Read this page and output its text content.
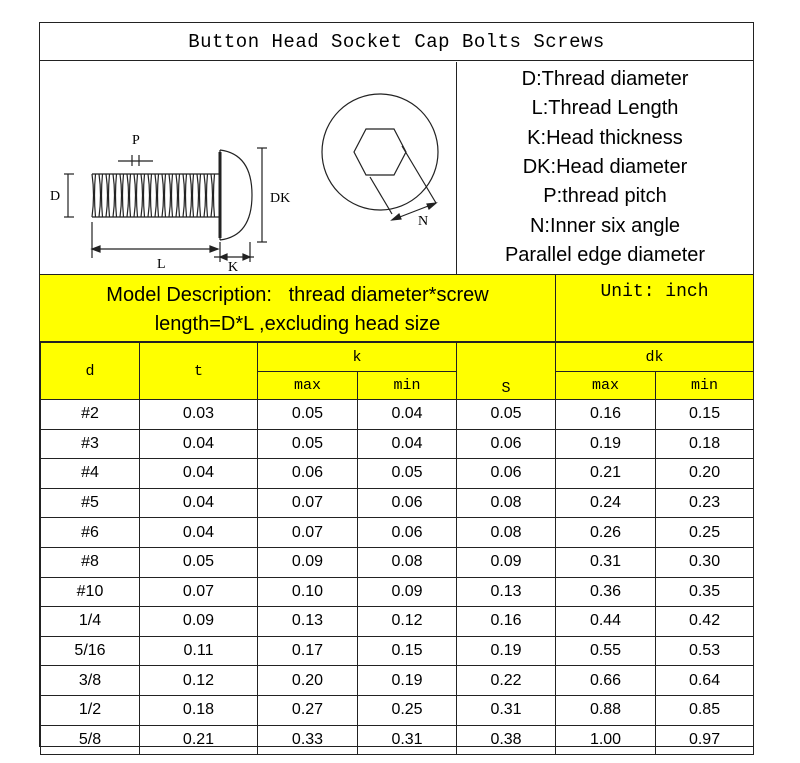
Button Head Socket Cap Bolts Screws
P
D	DK
L	K
N
D:Thread diameter
L:Thread Length
K:Head thickness
DK:Head diameter
P:thread pitch
N:Inner six angle
Parallel edge diameter
Model Description:   thread diameter*screw
length=D*L ,excluding head size
Unit: inch
d	t	k		S	dk	
		max	min		max	min
#2	0.03	0.05	0.04	0.05	0.16	0.15
#3	0.04	0.05	0.04	0.06	0.19	0.18
#4	0.04	0.06	0.05	0.06	0.21	0.20
#5	0.04	0.07	0.06	0.08	0.24	0.23
#6	0.04	0.07	0.06	0.08	0.26	0.25
#8	0.05	0.09	0.08	0.09	0.31	0.30
#10	0.07	0.10	0.09	0.13	0.36	0.35
1/4	0.09	0.13	0.12	0.16	0.44	0.42
5/16	0.11	0.17	0.15	0.19	0.55	0.53
3/8	0.12	0.20	0.19	0.22	0.66	0.64
1/2	0.18	0.27	0.25	0.31	0.88	0.85
5/8	0.21	0.33	0.31	0.38	1.00	0.97
